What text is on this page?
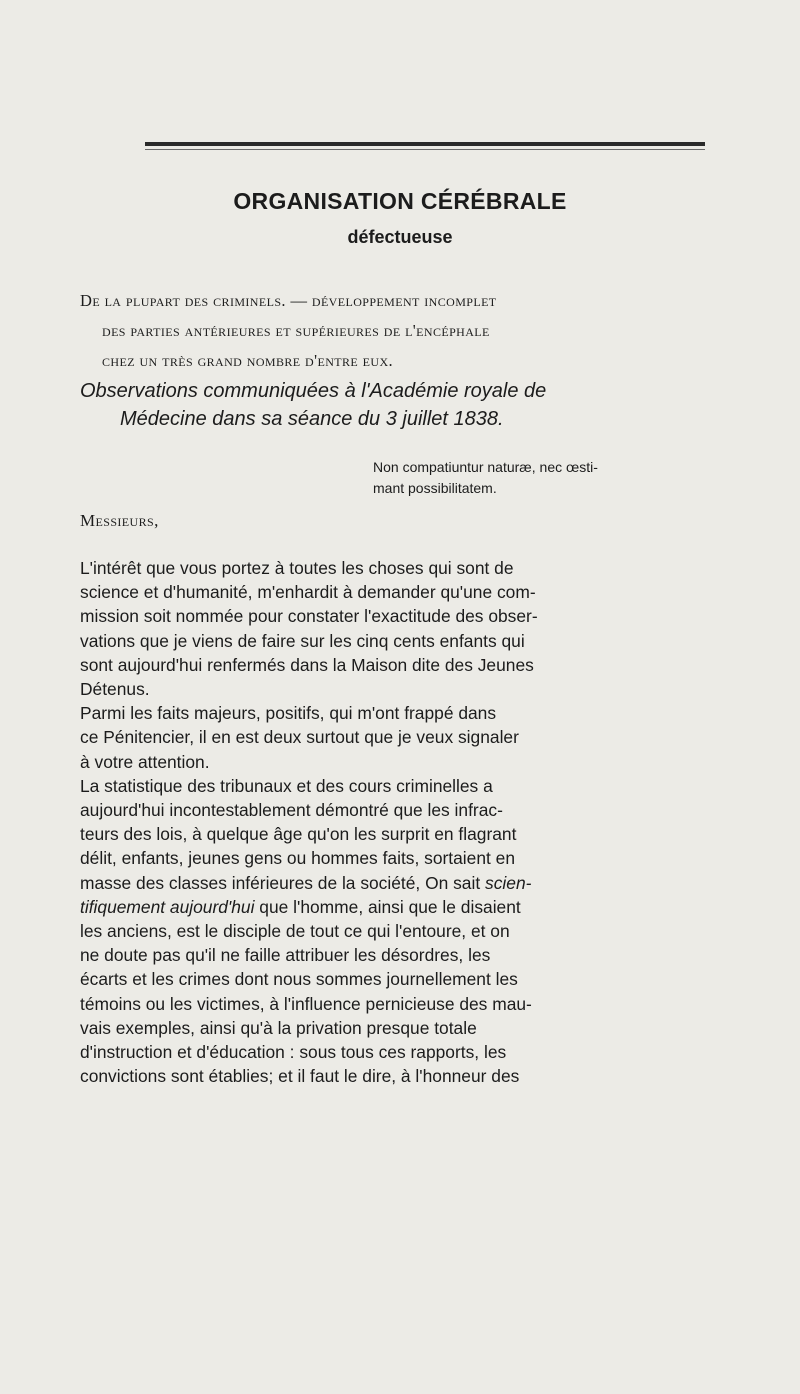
ORGANISATION CÉRÉBRALE
défectueuse
De la plupart des criminels. — développement incomplet
des parties antérieures et supérieures de l'encéphale
chez un très grand nombre d'entre eux.
Observations communiquées à l'Académie royale de
Médecine dans sa séance du 3 juillet 1838.
Non compatiuntur naturæ, nec œsti-
mant possibilitatem.
Messieurs,
L'intérêt que vous portez à toutes les choses qui sont de
science et d'humanité, m'enhardit à demander qu'une com-
mission soit nommée pour constater l'exactitude des obser-
vations que je viens de faire sur les cinq cents enfants qui
sont aujourd'hui renfermés dans la Maison dite des Jeunes
Détenus.
Parmi les faits majeurs, positifs, qui m'ont frappé dans
ce Pénitencier, il en est deux surtout que je veux signaler
à votre attention.
La statistique des tribunaux et des cours criminelles a
aujourd'hui incontestablement démontré que les infrac-
teurs des lois, à quelque âge qu'on les surprit en flagrant
délit, enfants, jeunes gens ou hommes faits, sortaient en
masse des classes inférieures de la société, On sait scien-
tifiquement aujourd'hui que l'homme, ainsi que le disaient
les anciens, est le disciple de tout ce qui l'entoure, et on
ne doute pas qu'il ne faille attribuer les désordres, les
écarts et les crimes dont nous sommes journellement les
témoins ou les victimes, à l'influence pernicieuse des mau-
vais exemples, ainsi qu'à la privation presque totale
d'instruction et d'éducation : sous tous ces rapports, les
convictions sont établies; et il faut le dire, à l'honneur des
